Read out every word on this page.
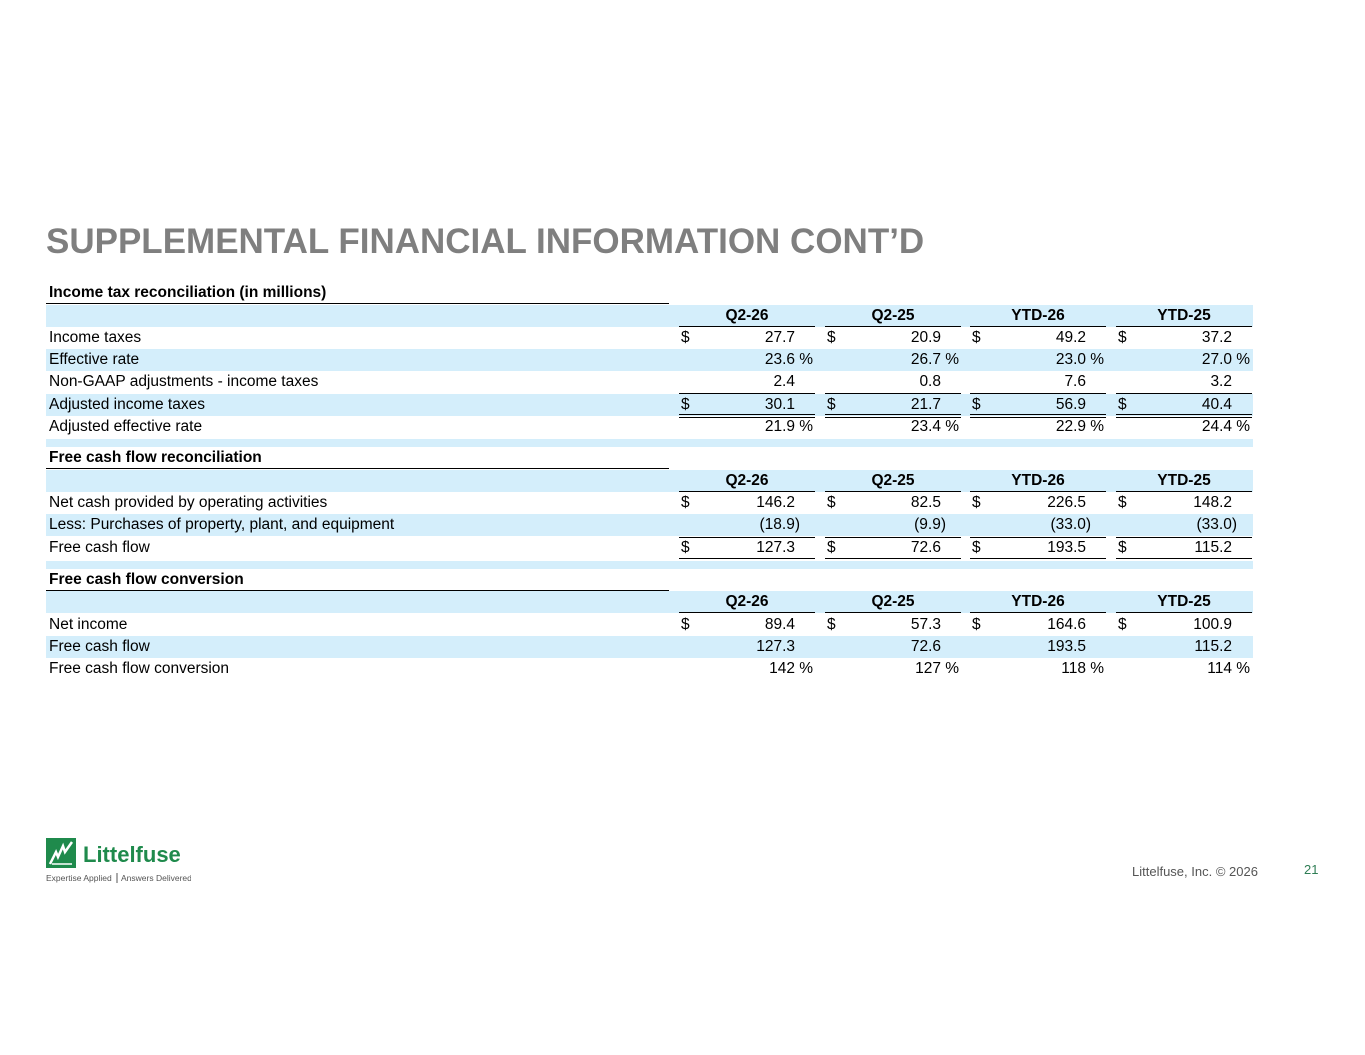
SUPPLEMENTAL FINANCIAL INFORMATION CONT’D
Income tax reconciliation (in millions)
Q2-26	Q2-25	YTD-26	YTD-25
Income taxes	$	27.7 $	20.9 $	49.2 $	37.2
Effective rate	23.6 %	26.7 %	23.0 %	27.0 %
Non-GAAP adjustments - income taxes	2.4	0.8	7.6	3.2
Adjusted income taxes	$	30.1 $	21.7 $	56.9 $	40.4
Adjusted effective rate	21.9 %	23.4 %	22.9 %	24.4 %
Free cash flow reconciliation
Q2-26	Q2-25	YTD-26	YTD-25
Net cash provided by operating activities	$	146.2 $	82.5 $	226.5 $	148.2
Less: Purchases of property, plant, and equipment	(18.9)	(9.9)	(33.0)	(33.0)
Free cash flow	$	127.3 $	72.6 $	193.5 $	115.2
Free cash flow conversion
Q2-26	Q2-25	YTD-26	YTD-25
Net income	$	89.4 $	57.3 $	164.6 $	100.9
Free cash flow	127.3	72.6	193.5	115.2
Free cash flow conversion	142 %	127 %	118 %	114 %
Littelfuse
Expertise Applied Answers Delivered	Littelfuse, Inc. © 2026	21
